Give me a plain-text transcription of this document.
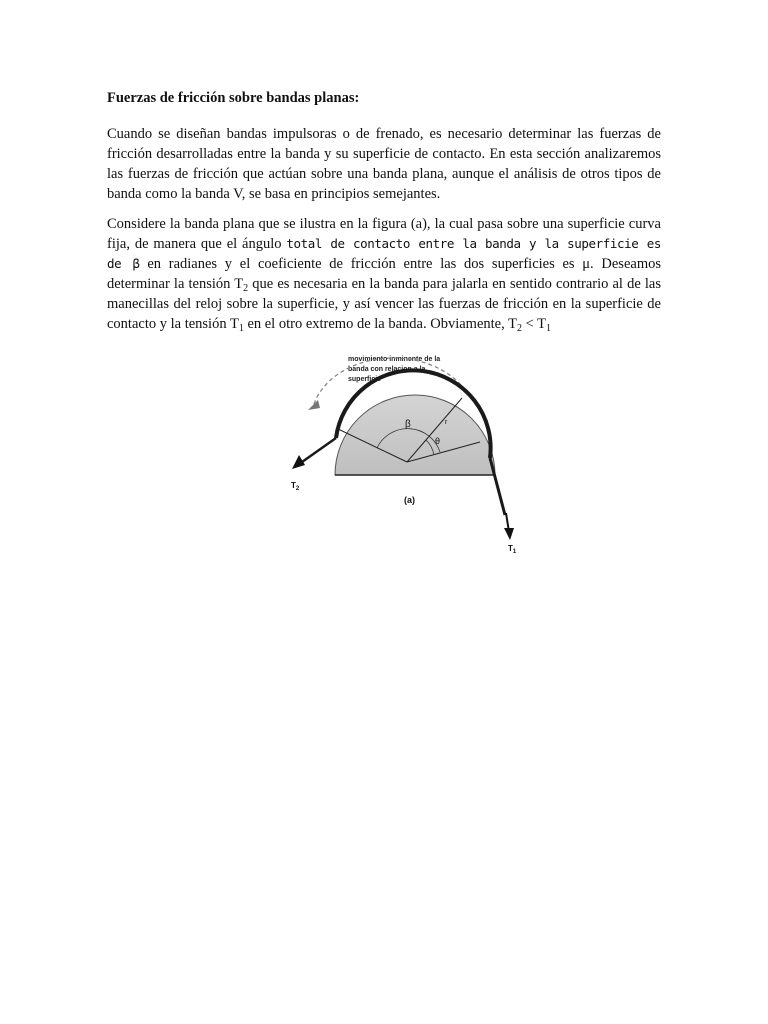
Fuerzas de fricción sobre bandas planas:

Cuando se diseñan bandas impulsoras o de frenado, es necesario determinar las fuerzas de fricción desarrolladas entre la banda y su superficie de contacto. En esta sección analizaremos las fuerzas de fricción que actúan sobre una banda plana, aunque el análisis de otros tipos de banda como la banda V, se basa en principios semejantes.

Considere la banda plana que se ilustra en la figura (a), la cual pasa sobre una superficie curva fija, de manera que el ángulo total de contacto entre la banda y la superficie es de β en radianes y el coeficiente de fricción entre las dos superficies es μ. Deseamos determinar la tensión $T_2$ que es necesaria en la banda para jalarla en sentido contrario al de las manecillas del reloj sobre la superficie, y así vencer las fuerzas de fricción en la superficie de contacto y la tensión $T_1$ en el otro extremo de la banda. Obviamente, $T_2 < T_1$

movimiento inminente de la
banda con relacion a la
superficie
β
θ
r
$T_2$
$T_1$
(a)
